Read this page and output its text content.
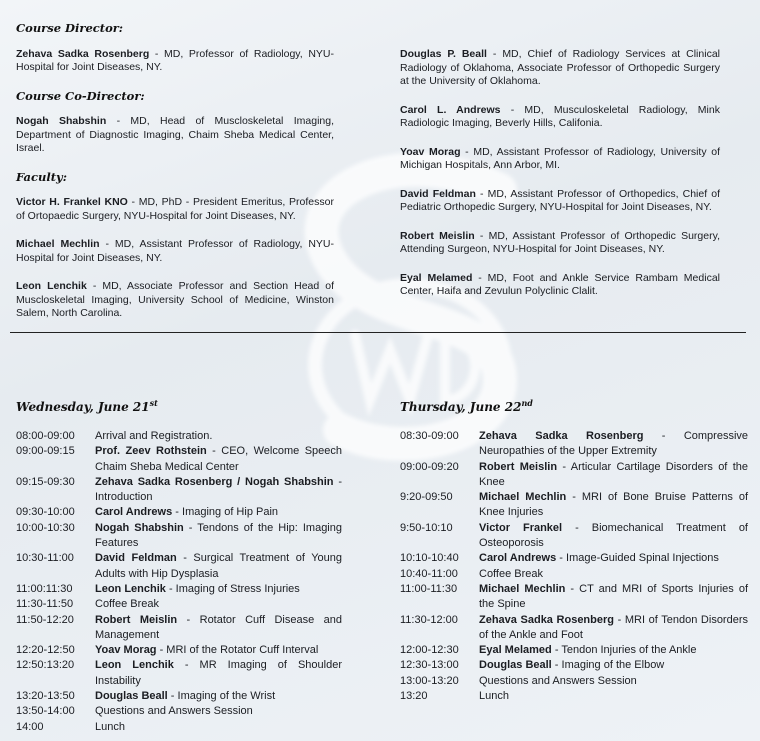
Course Director:
Zehava Sadka Rosenberg - MD, Professor of Radiology, NYU-Hospital for Joint Diseases, NY.
Course Co-Director:
Nogah Shabshin - MD, Head of Muscloskeletal Imaging, Department of Diagnostic Imaging, Chaim Sheba Medical Center, Israel.
Faculty:
Victor H. Frankel KNO - MD, PhD - President Emeritus, Professor of Ortopaedic Surgery, NYU-Hospital for Joint Diseases, NY.
Michael Mechlin - MD, Assistant Professor of Radiology, NYU-Hospital for Joint Diseases, NY.
Leon Lenchik - MD, Associate Professor and Section Head of Muscloskeletal Imaging, University School of Medicine, Winston Salem, North Carolina.
Douglas P. Beall - MD, Chief of Radiology Services at Clinical Radiology of Oklahoma, Associate Professor of Orthopedic Surgery at the University of Oklahoma.
Carol L. Andrews - MD, Musculoskeletal Radiology, Mink Radiologic Imaging, Beverly Hills, Califonia.
Yoav Morag - MD, Assistant Professor of Radiology, University of Michigan Hospitals, Ann Arbor, MI.
David Feldman - MD, Assistant Professor of Orthopedics, Chief of Pediatric Orthopedic Surgery, NYU-Hospital for Joint Diseases, NY.
Robert Meislin - MD, Assistant Professor of Orthopedic Surgery, Attending Surgeon, NYU-Hospital for Joint Diseases, NY.
Eyal Melamed - MD, Foot and Ankle Service Rambam Medical Center, Haifa and Zevulun Polyclinic Clalit.
Wednesday, June 21st	Thursday, June 22nd
08:00-09:00	Arrival and Registration.
09:00-09:15	Prof. Zeev Rothstein - CEO, Welcome Speech Chaim Sheba Medical Center
09:15-09:30	Zehava Sadka Rosenberg / Nogah Shabshin - Introduction
09:30-10:00	Carol Andrews - Imaging of Hip Pain
10:00-10:30	Nogah Shabshin - Tendons of the Hip: Imaging Features
10:30-11:00	David Feldman - Surgical Treatment of Young Adults with Hip Dysplasia
11:00:11:30	Leon Lenchik - Imaging of Stress Injuries
11:30-11:50	Coffee Break
11:50-12:20	Robert Meislin - Rotator Cuff Disease and Management
12:20-12:50	Yoav Morag - MRI of the Rotator Cuff Interval
12:50:13:20	Leon Lenchik - MR Imaging of Shoulder Instability
13:20-13:50	Douglas Beall - Imaging of the Wrist
13:50-14:00	Questions and Answers Session
14:00	Lunch
08:30-09:00	Zehava Sadka Rosenberg - Compressive Neuropathies of the Upper Extremity
09:00-09:20	Robert Meislin - Articular Cartilage Disorders of the Knee
9:20-09:50	Michael Mechlin - MRI of Bone Bruise Patterns of Knee Injuries
9:50-10:10	Victor Frankel - Biomechanical Treatment of Osteoporosis
10:10-10:40	Carol Andrews - Image-Guided Spinal Injections
10:40-11:00	Coffee Break
11:00-11:30	Michael Mechlin - CT and MRI of Sports Injuries of the Spine
11:30-12:00	Zehava Sadka Rosenberg - MRI of Tendon Disorders of the Ankle and Foot
12:00-12:30	Eyal Melamed - Tendon Injuries of the Ankle
12:30-13:00	Douglas Beall - Imaging of the Elbow
13:00-13:20	Questions and Answers Session
13:20	Lunch
